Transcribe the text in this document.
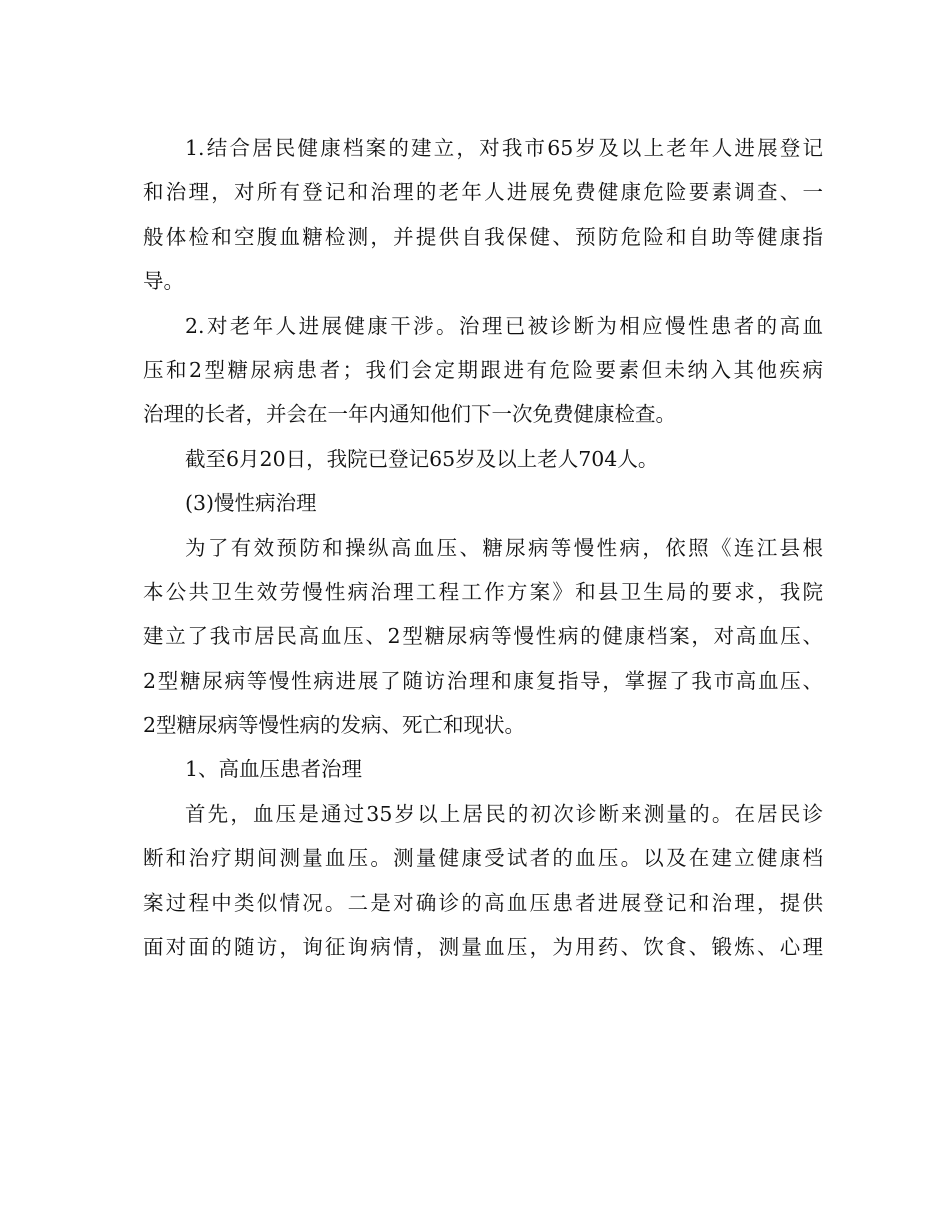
1.结合居民健康档案的建立，对我市65岁及以上老年人进展登记
和治理，对所有登记和治理的老年人进展免费健康危险要素调查、一
般体检和空腹血糖检测，并提供自我保健、预防危险和自助等健康指
导。
2.对老年人进展健康干涉。治理已被诊断为相应慢性患者的高血
压和2型糖尿病患者；我们会定期跟进有危险要素但未纳入其他疾病
治理的长者，并会在一年内通知他们下一次免费健康检查。
截至6月20日，我院已登记65岁及以上老人704人。
(3)慢性病治理
为了有效预防和操纵高血压、糖尿病等慢性病，依照《连江县根
本公共卫生效劳慢性病治理工程工作方案》和县卫生局的要求，我院
建立了我市居民高血压、2型糖尿病等慢性病的健康档案，对高血压、
2型糖尿病等慢性病进展了随访治理和康复指导，掌握了我市高血压、
2型糖尿病等慢性病的发病、死亡和现状。
1、高血压患者治理
首先，血压是通过35岁以上居民的初次诊断来测量的。在居民诊
断和治疗期间测量血压。测量健康受试者的血压。以及在建立健康档
案过程中类似情况。二是对确诊的高血压患者进展登记和治理，提供
面对面的随访，询征询病情，测量血压，为用药、饮食、锻炼、心理
